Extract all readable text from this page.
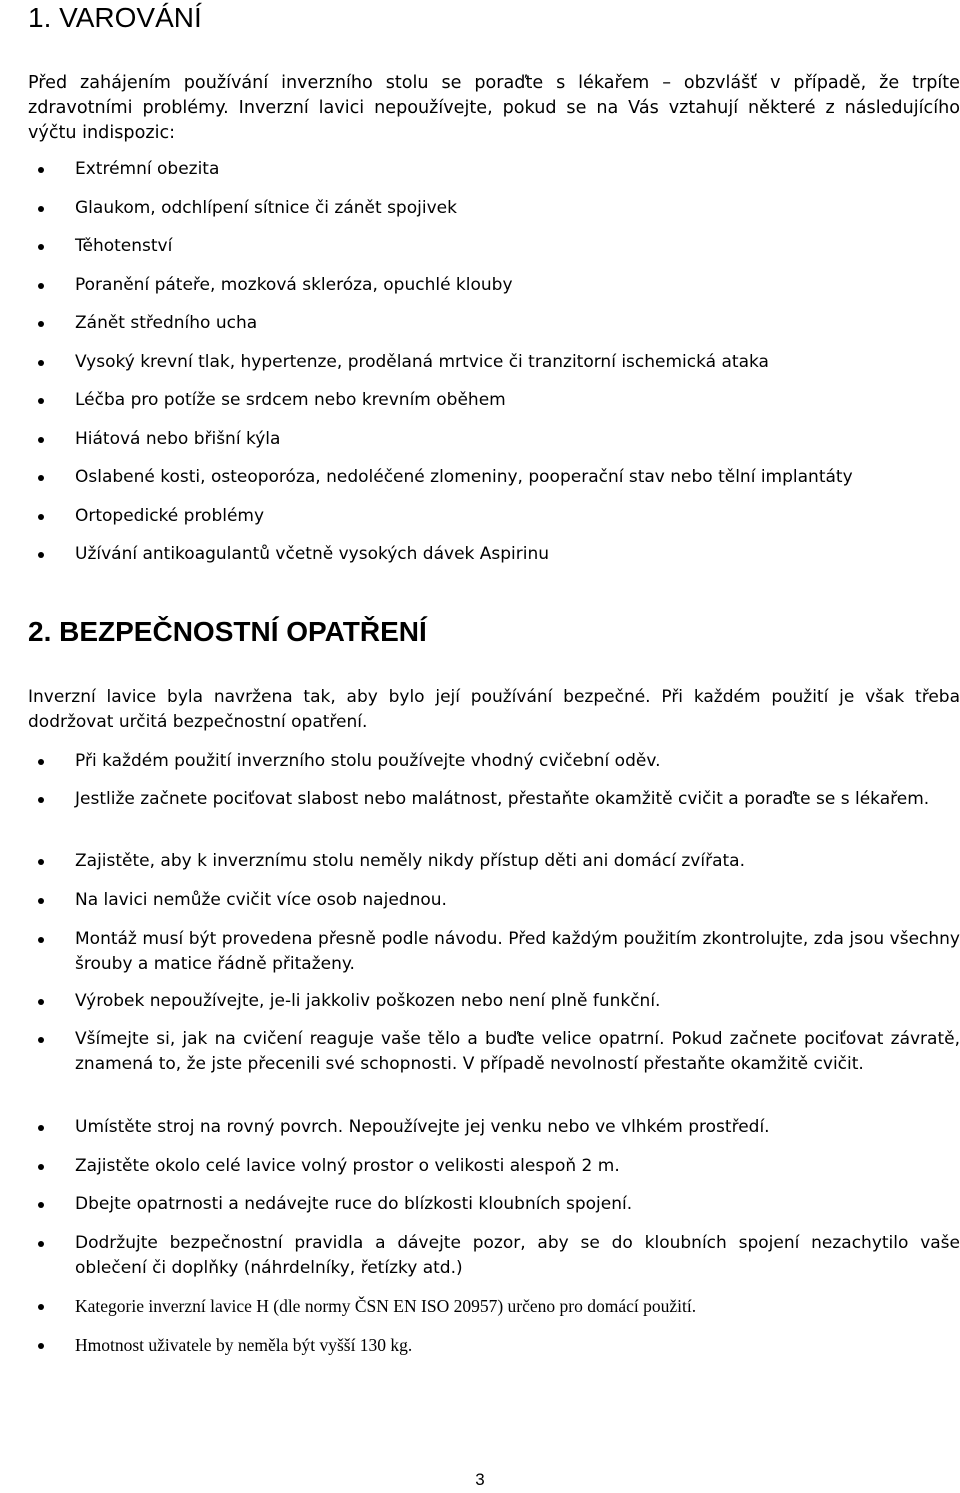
1. VAROVÁNÍ

Před zahájením používání inverzního stolu se poraďte s lékařem – obzvlášť v případě, že trpíte zdravotními problémy. Inverzní lavici nepoužívejte, pokud se na Vás vztahují některé z následujícího výčtu indispozic:

Extrémní obezita
Glaukom, odchlípení sítnice či zánět spojivek
Těhotenství
Poranění páteře, mozková skleróza, opuchlé klouby
Zánět středního ucha
Vysoký krevní tlak, hypertenze, prodělaná mrtvice či tranzitorní ischemická ataka
Léčba pro potíže se srdcem nebo krevním oběhem
Hiátová nebo břišní kýla
Oslabené kosti, osteoporóza, nedoléčené zlomeniny, pooperační stav nebo tělní implantáty
Ortopedické problémy
Užívání antikoagulantů včetně vysokých dávek Aspirinu
2. BEZPEČNOSTNÍ OPATŘENÍ

Inverzní lavice byla navržena tak, aby bylo její používání bezpečné. Při každém použití je však třeba dodržovat určitá bezpečnostní opatření.

Při každém použití inverzního stolu používejte vhodný cvičební oděv.
Jestliže začnete pociťovat slabost nebo malátnost, přestaňte okamžitě cvičit a poraďte se s lékařem.
Zajistěte, aby k inverznímu stolu neměly nikdy přístup děti ani domácí zvířata.
Na lavici nemůže cvičit více osob najednou.
Montáž musí být provedena přesně podle návodu. Před každým použitím zkontrolujte, zda jsou všechny šrouby a matice řádně přitaženy.
Výrobek nepoužívejte, je-li jakkoliv poškozen nebo není plně funkční.
Všímejte si, jak na cvičení reaguje vaše tělo a buďte velice opatrní. Pokud začnete pociťovat závratě, znamená to, že jste přecenili své schopnosti. V případě nevolností přestaňte okamžitě cvičit.
Umístěte stroj na rovný povrch. Nepoužívejte jej venku nebo ve vlhkém prostředí.
Zajistěte okolo celé lavice volný prostor o velikosti alespoň 2 m.
Dbejte opatrnosti a nedávejte ruce do blízkosti kloubních spojení.
Dodržujte bezpečnostní pravidla a dávejte pozor, aby se do kloubních spojení nezachytilo vaše oblečení či doplňky (náhrdelníky, řetízky atd.)
Kategorie inverzní lavice H (dle normy ČSN EN ISO 20957) určeno pro domácí použití.
Hmotnost uživatele by neměla být vyšší 130 kg.
3
